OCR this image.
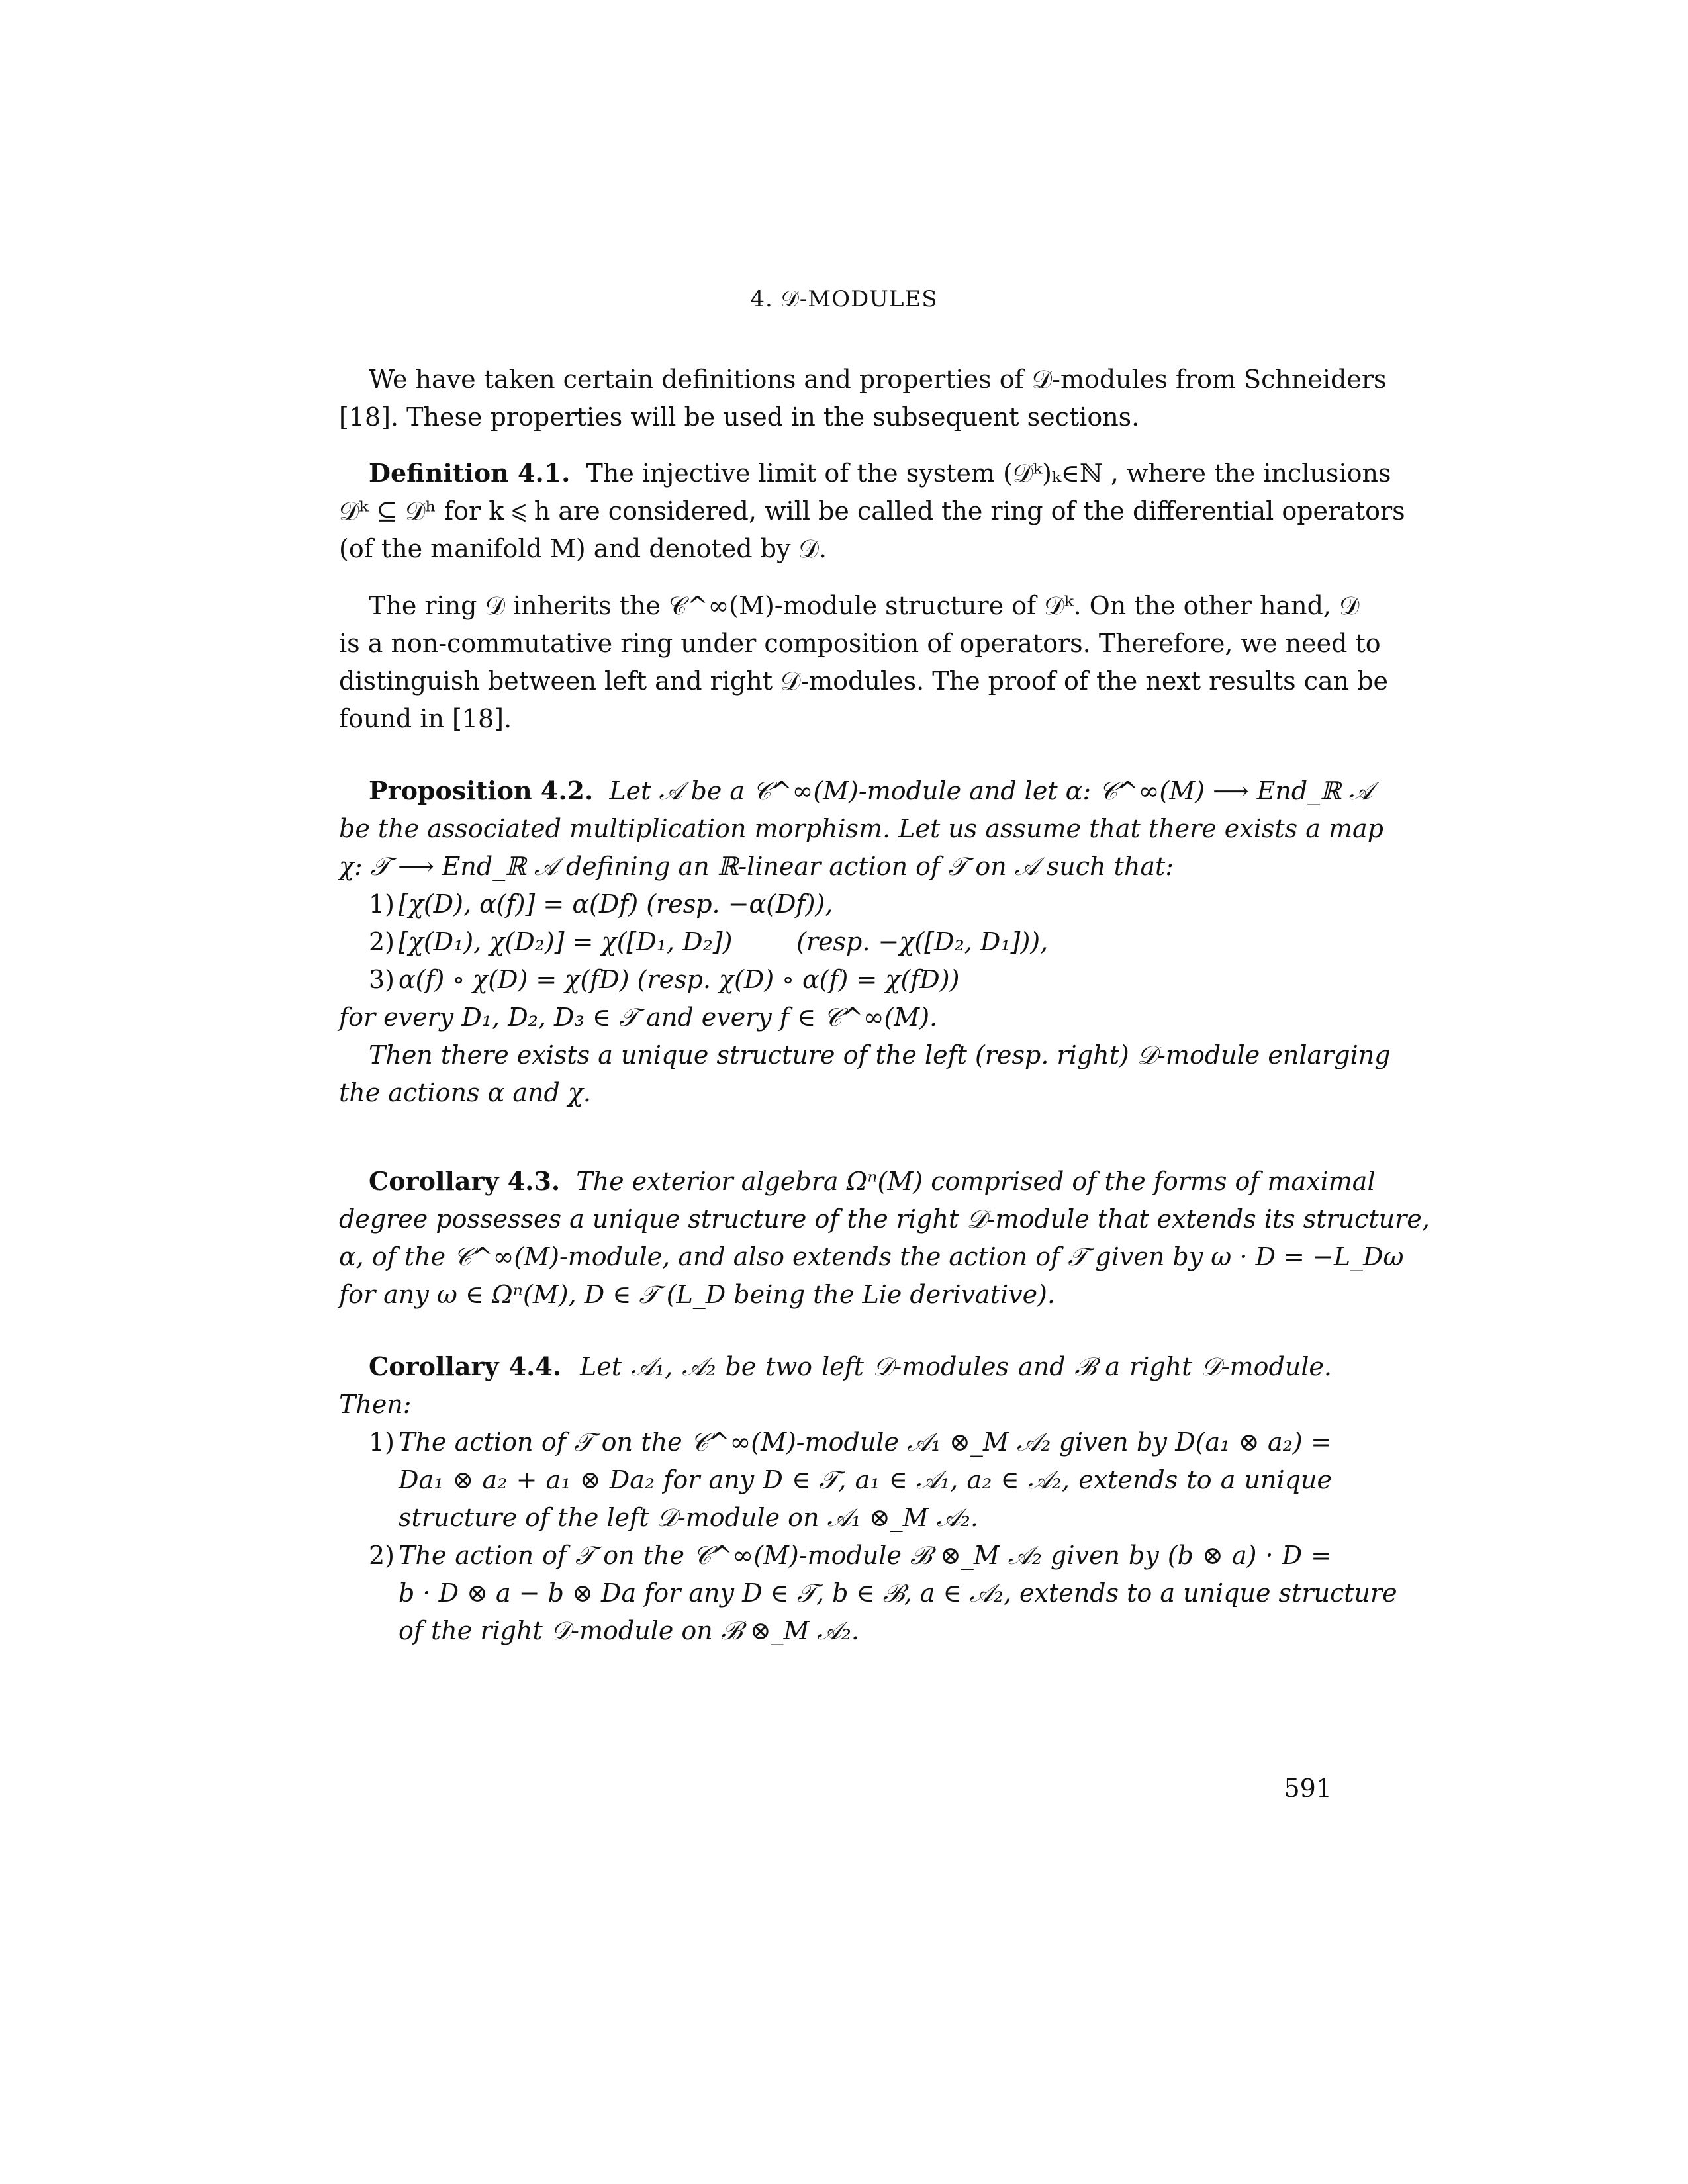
4. 𝒟-MODULES

We have taken certain definitions and properties of 𝒟-modules from Schneiders

[18]. These properties will be used in the subsequent sections.

Definition 4.1. The injective limit of the system (𝒟ᵏ)ₖ∈ℕ , where the inclusions

𝒟ᵏ ⊆ 𝒟ʰ for k ⩽ h are considered, will be called the ring of the differential operators

(of the manifold M) and denoted by 𝒟.

The ring 𝒟 inherits the 𝒞^∞(M)-module structure of 𝒟ᵏ. On the other hand, 𝒟

is a non-commutative ring under composition of operators. Therefore, we need to

distinguish between left and right 𝒟-modules. The proof of the next results can be

found in [18].

Proposition 4.2. Let 𝒜 be a 𝒞^∞(M)-module and let α: 𝒞^∞(M) ⟶ End_ℝ 𝒜

be the associated multiplication morphism. Let us assume that there exists a map

χ: 𝒯 ⟶ End_ℝ 𝒜 defining an ℝ-linear action of 𝒯 on 𝒜 such that:

1) [χ(D), α(f)] = α(Df) (resp. −α(Df)),

2) [χ(D₁), χ(D₂)] = χ([D₁, D₂])        (resp. −χ([D₂, D₁])),

3) α(f) ∘ χ(D) = χ(fD) (resp. χ(D) ∘ α(f) = χ(fD))

for every D₁, D₂, D₃ ∈ 𝒯 and every f ∈ 𝒞^∞(M).

Then there exists a unique structure of the left (resp. right) 𝒟-module enlarging

the actions α and χ.

Corollary 4.3. The exterior algebra Ωⁿ(M) comprised of the forms of maximal

degree possesses a unique structure of the right 𝒟-module that extends its structure,

α, of the 𝒞^∞(M)-module, and also extends the action of 𝒯 given by ω · D = −L_Dω

for any ω ∈ Ωⁿ(M), D ∈ 𝒯 (L_D being the Lie derivative).

Corollary 4.4. Let 𝒜₁, 𝒜₂ be two left 𝒟-modules and ℬ a right 𝒟-module.

Then:

1) The action of 𝒯 on the 𝒞^∞(M)-module 𝒜₁ ⊗_M 𝒜₂ given by D(a₁ ⊗ a₂) =

Da₁ ⊗ a₂ + a₁ ⊗ Da₂ for any D ∈ 𝒯, a₁ ∈ 𝒜₁, a₂ ∈ 𝒜₂, extends to a unique

structure of the left 𝒟-module on 𝒜₁ ⊗_M 𝒜₂.

2) The action of 𝒯 on the 𝒞^∞(M)-module ℬ ⊗_M 𝒜₂ given by (b ⊗ a) · D =

b · D ⊗ a − b ⊗ Da for any D ∈ 𝒯, b ∈ ℬ, a ∈ 𝒜₂, extends to a unique structure

of the right 𝒟-module on ℬ ⊗_M 𝒜₂.

591
